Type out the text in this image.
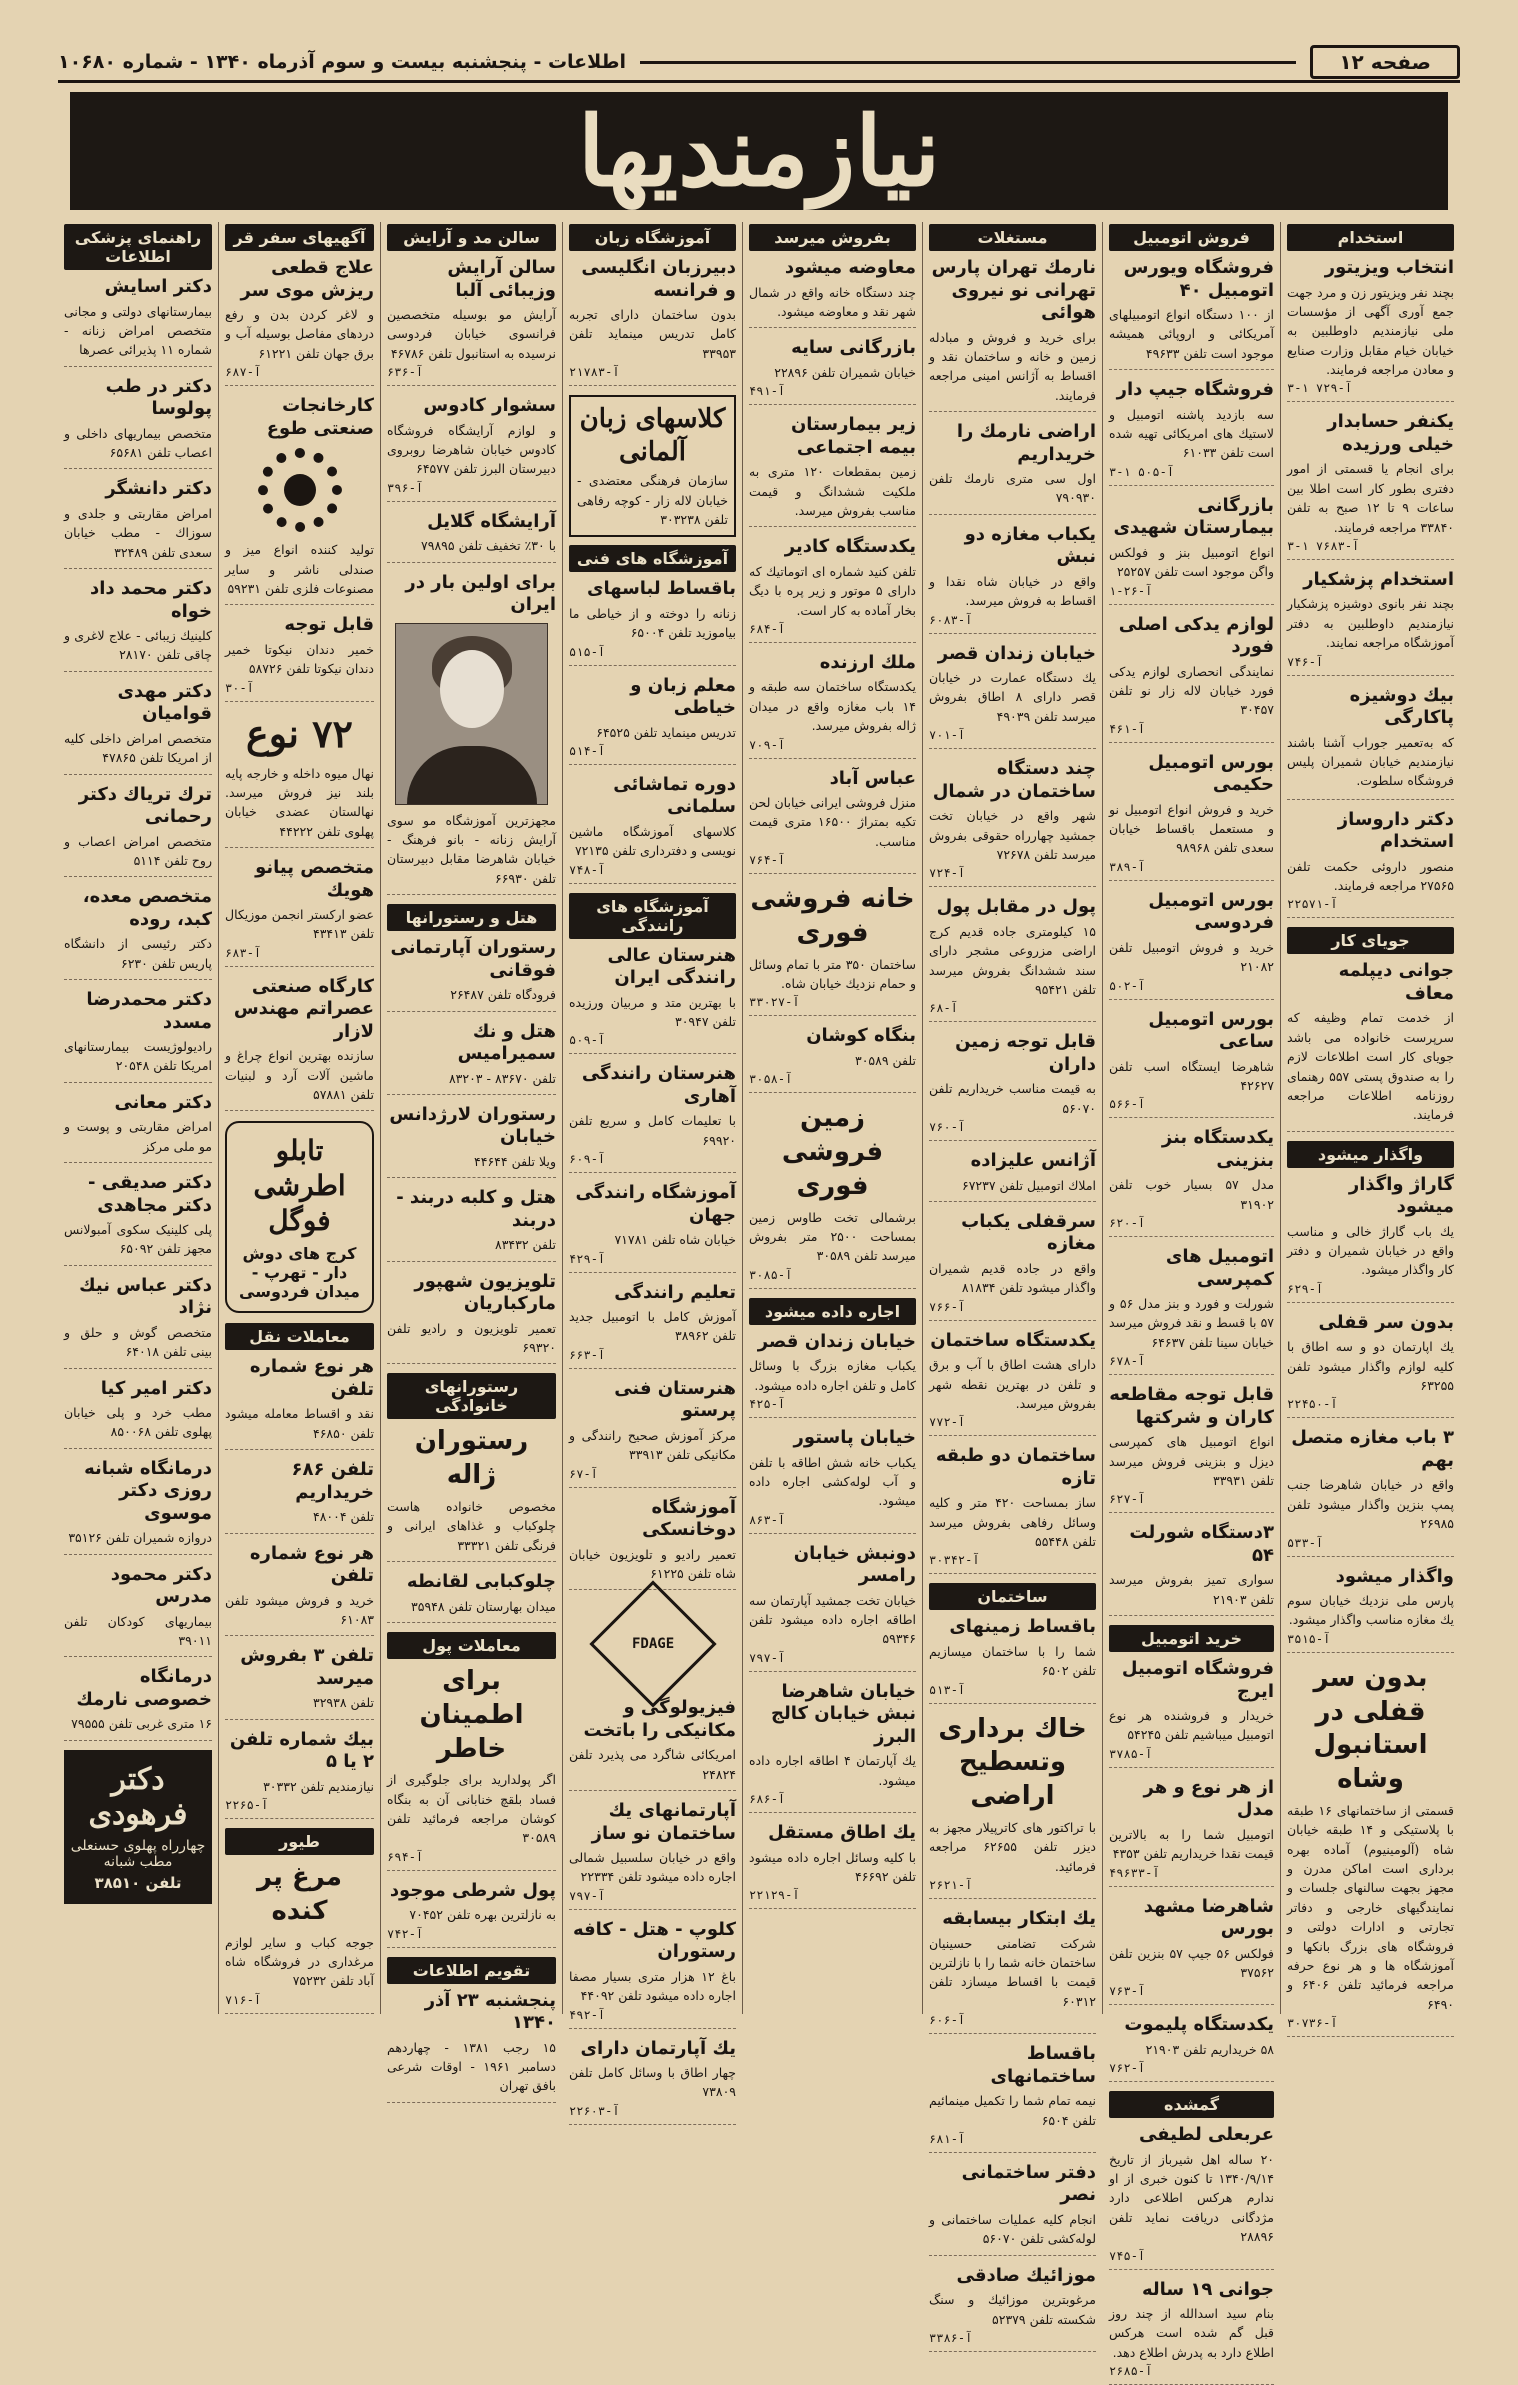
صفحه ۱۲
اطلاعات - پنجشنبه بیست و سوم آذرماه ۱۳۴۰ - شماره ۱۰۶۸۰
نیازمندیها
استخدام
انتخاب ویزیتور
بچند نفر ویزیتور زن و مرد جهت جمع آوری آگهی از مؤسسات ملی نیازمندیم داوطلبین به خیابان خیام مقابل وزارت صنایع و معادن مراجعه فرمایند.
۳-۱ آ-۷۲۹
یکنفر حسابدار خیلی ورزیده
برای انجام یا قسمتی از امور دفتری بطور کار است اطلا بین ساعات ۹ تا ۱۲ صبح به تلفن ۳۳۸۴۰ مراجعه فرمایند.
۳-۱ آ-۷۶۸۳
استخدام پزشکیار
بچند نفر بانوی دوشیزه پزشکیار نیازمندیم داوطلبین به دفتر آموزشگاه مراجعه نمایند.
آ-۷۴۶
بیك دوشیزه پاکارگی
که به‌تعمیر جوراب آشنا باشند نیازمندیم خیابان شمیران پلیس فروشگاه سلطوت.
دکتر داروساز استخدام
منصور داروئی حکمت تلفن ۲۷۵۶۵ مراجعه فرمایند.
آ-۲۲۵۷۱
جویای کار
جوانی دیپلمه معاف
از خدمت تمام وظیفه که سرپرست خانواده می باشد جویای کار است اطلاعات لازم را به صندوق پستی ۵۵۷ رهنمای روزنامه اطلاعات مراجعه فرمایند.
واگذار میشود
گاراژ واگذار میشود
یك باب گاراژ خالی و مناسب واقع در خیابان شمیران و دفتر کار واگذار میشود.
آ-۶۲۹
بدون سر قفلی
یك اپارتمان دو و سه اطاق با کلیه لوازم واگذار میشود تلفن ۶۳۲۵۵
آ-۲۲۴۵۰
۳ باب مغازه متصل بهم
واقع در خیابان شاهرضا جنب پمپ بنزین واگذار میشود تلفن ۲۶۹۸۵
آ-۵۳۳
واگذار میشود
پارس ملی نزدیك خیابان سوم یك مغازه مناسب واگذار میشود.
آ-۳۵۱۵
بدون سر قفلی در استانبول وشاه
قسمتی از ساختمانهای ۱۶ طبقه با پلاستیکی و ۱۴ طبقه خیابان شاه (آلومینیوم) آماده بهره برداری است اماکن مدرن و مجهز بجهت سالنهای جلسات و نمایندگیهای خارجی و دفاتر تجارتی و ادارات دولتی و فروشگاه های بزرگ بانکها و آموزشگاه ها و هر نوع حرفه مراجعه فرمائید تلفن ۶۴۰۶ و ۶۴۹۰
آ-۳۰۷۳۶
فروش اتومبیل
فروشگاه ویورس اتومبیل ۴۰
از ۱۰۰ دستگاه انواع اتومبیلهای آمریکائی و اروپائی همیشه موجود است تلفن ۴۹۶۳۳
فروشگاه جیپ دار
سه بازدید پاشنه اتومبیل و لاستیك های امریکائی تهیه شده است تلفن ۶۱۰۳۳
۳-۱ آ-۵۰۵
بازرگانی بیمارستان شهیدی
انواع اتومبیل بنز و فولکس واگن موجود است تلفن ۲۵۲۵۷
آ-۲۶-۱
لوازم یدکی اصلی فورد
نمایندگی انحصاری لوازم یدکی فورد خیابان لاله زار نو تلفن ۳۰۴۵۷
آ-۴۶۱
بورس اتومبیل حکیمی
خرید و فروش انواع اتومبیل نو و مستعمل باقساط خیابان سعدی تلفن ۹۸۹۶۸
آ-۳۸۹
بورس اتومبیل فردوسی
خرید و فروش اتومبیل تلفن ۲۱۰۸۲
آ-۵۰۲
بورس اتومبیل ساعی
شاهرضا ایستگاه اسب تلفن ۴۲۶۲۷
آ-۵۶۶
یکدستگاه بنز بنزینی
مدل ۵۷ بسیار خوب تلفن ۳۱۹۰۲
آ-۶۲۰
اتومبیل های کمپرسی
شورلت و فورد و بنز مدل ۵۶ و ۵۷ با قسط و نقد فروش میرسد خیابان سینا تلفن ۶۴۶۳۷
آ-۶۷۸
قابل توجه مقاطعه کاران و شرکتها
انواع اتومبیل های کمپرسی دیزل و بنزینی فروش میرسد تلفن ۳۳۹۳۱
آ-۶۲۷
۳دستگاه شورلت ۵۴
سواری تمیز بفروش میرسد تلفن ۲۱۹۰۳
خرید اتومبیل
فروشگاه اتومبیل ایرج
خریدار و فروشنده هر نوع اتومبیل میباشیم تلفن ۵۴۲۴۵
آ-۳۷۸۵
از هر نوع و هر مدل
اتومبیل شما را به بالاترین قیمت نقدا خریداریم تلفن ۴۳۵۳
آ-۴۹۶۳۳
شاهرضا مشهد بورس
فولکس ۵۶ جیپ ۵۷ بنزین تلفن ۳۷۵۶۲
آ-۷۶۳
یکدستگاه پلیموت
۵۸ خریداریم تلفن ۲۱۹۰۳
آ-۷۶۲
گمشده
عربعلی لطیفی
۲۰ ساله اهل شیرباز از تاریخ ۱۳۴۰/۹/۱۴ تا کنون خبری از او ندارم هرکس اطلاعی دارد مژدگانی دریافت نماید تلفن ۲۸۸۹۶
آ-۷۴۵
جوانی ۱۹ ساله
بنام سید اسدالله از چند روز قبل گم شده است هرکس اطلاع دارد به پدرش اطلاع دهد.
آ-۲۶۸۵
مستغلات
نارمك تهران پارس تهرانی نو نیروی هوائی
برای خرید و فروش و مبادله زمین و خانه و ساختمان نقد و اقساط به آژانس امینی مراجعه فرمایند.
اراضی نارمك را خریداریم
اول سی متری نارمك تلفن ۷۹۰۹۳۰
یکباب مغازه دو نبش
واقع در خیابان شاه نقدا و اقساط به فروش میرسد.
آ-۶۰۸۳
خیابان زندان قصر
یك دستگاه عمارت در خیابان قصر دارای ۸ اطاق بفروش میرسد تلفن ۴۹۰۳۹
آ-۷۰۱
چند دستگاه ساختمان در شمال
شهر واقع در خیابان تخت جمشید چهارراه حقوقی بفروش میرسد تلفن ۷۲۶۷۸
آ-۷۲۴
پول در مقابل پول
۱۵ کیلومتری جاده قدیم کرج اراضی مزروعی مشجر دارای سند ششدانگ بفروش میرسد تلفن ۹۵۴۲۱
آ-۶۸
قابل توجه زمین داران
به قیمت مناسب خریداریم تلفن ۵۶۰۷۰
آ-۷۶۰
آژانس علیزاده
املاك اتومبیل تلفن ۶۷۲۳۷
سرقفلی یکباب مغازه
واقع در جاده قدیم شمیران واگذار میشود تلفن ۸۱۸۳۴
آ-۷۶۶
یکدستگاه ساختمان
دارای هشت اطاق با آب و برق و تلفن در بهترین نقطه شهر بفروش میرسد.
آ-۷۷۲
ساختمان دو طبقه تازه
ساز بمساحت ۴۲۰ متر و کلیه وسائل رفاهی بفروش میرسد تلفن ۵۵۴۴۸
آ-۳۰۳۴۲
ساختمان
باقساط زمینهای
شما را با ساختمان میسازیم تلفن ۶۵۰۲
آ-۵۱۳
خاك برداری وتسطیح اراضی
با تراکتور های کاترپیلار مجهز به دیزر تلفن ۶۲۶۵۵ مراجعه فرمائید.
آ-۲۶۲۱
یك ابتکار بیسابقه
شرکت تضامنی حسینیان ساختمان خانه شما را با نازلترین قیمت با اقساط میسازد تلفن ۶۰۳۱۲
آ-۶۰۶
باقساط ساختمانهای
نیمه تمام شما را تکمیل مینمائیم تلفن ۶۵۰۴
آ-۶۸۱
دفتر ساختمانی نصر
انجام کلیه عملیات ساختمانی و لوله‌کشی تلفن ۵۶۰۷۰
موزائیك صادقی
مرغوبترین موزائیك و سنگ شکسته تلفن ۵۲۳۷۹
آ-۳۳۸۶
بفروش میرسد
معاوضه میشود
چند دستگاه خانه واقع در شمال شهر نقد و معاوضه میشود.
بازرگانی سایه
خیابان شمیران تلفن ۲۲۸۹۶
آ-۴۹۱
زیر بیمارستان بیمه اجتماعی
زمین بمقطعات ۱۲۰ متری به ملکیت ششدانگ و قیمت مناسب بفروش میرسد.
یکدستگاه کادیر
تلفن کنید شماره ای اتوماتیك که دارای ۵ موتور و زیر پره با دیگ بخار آماده به کار است.
آ-۶۸۴
ملك ارزنده
یکدستگاه ساختمان سه طبقه و ۱۴ باب مغازه واقع در میدان ژاله بفروش میرسد.
آ-۷۰۹
عباس آباد
منزل فروشی ایرانی خیابان لحن تکیه بمتراژ ۱۶۵۰۰ متری قیمت مناسب.
آ-۷۶۴
خانه فروشی فوری
ساختمان ۳۵۰ متر با تمام وسائل و حمام نزدیك خیابان شاه.
آ-۳۳۰۲۷
بنگاه کوشان
تلفن ۳۰۵۸۹
آ-۳۰۵۸
زمین فروشی فوری
برشمالی تخت طاوس زمین بمساحت ۲۵۰۰ متر بفروش میرسد تلفن ۳۰۵۸۹
آ-۳۰۸۵
اجاره داده میشود
خیابان زندان قصر
یکباب مغازه بزرگ با وسائل کامل و تلفن اجاره داده میشود.
آ-۴۲۵
خیابان پاستور
یکباب خانه شش اطاقه با تلفن و آب لوله‌کشی اجاره داده میشود.
آ-۸۶۳
دونبش خیابان رامسر
خیابان تخت جمشید آپارتمان سه اطاقه اجاره داده میشود تلفن ۵۹۳۴۶
آ-۷۹۷
خیابان شاهرضا نبش خیابان کالج البرز
یك آپارتمان ۴ اطاقه اجاره داده میشود.
آ-۶۸۶
یك اطاق مستقل
با کلیه وسائل اجاره داده میشود تلفن ۴۶۶۹۲
آ-۲۲۱۲۹
آموزشگاه زبان
دبیرزبان انگلیسی و فرانسه
بدون ساختمان دارای تجربه کامل تدریس مینماید تلفن ۳۳۹۵۳
آ-۲۱۷۸۳
کلاسهای زبان آلمانی
سازمان فرهنگی معتضدی - خیابان لاله زار - کوچه رفاهی تلفن ۳۰۳۲۳۸
آموزشگاه های فنی
باقساط لباسهای
زنانه را دوخته و از خیاطی ما بیاموزید تلفن ۶۵۰۰۴
آ-۵۱۵
معلم زبان و خیاطی
تدریس مینماید تلفن ۶۴۵۲۵
آ-۵۱۴
دوره تماشائی سلمانی
کلاسهای آموزشگاه ماشین نویسی و دفترداری تلفن ۷۲۱۳۵
آ-۷۴۸
آموزشگاه های رانندگی
هنرستان عالی رانندگی ایران
با بهترین متد و مربیان ورزیده تلفن ۳۰۹۴۷
آ-۵۰۹
هنرستان رانندگی آهاری
با تعلیمات کامل و سریع تلفن ۶۹۹۲۰
آ-۶۰۹
آموزشگاه رانندگی جهان
خیابان شاه تلفن ۷۱۷۸۱
آ-۴۲۹
تعلیم رانندگی
آموزش کامل با اتومبیل جدید تلفن ۳۸۹۶۲
آ-۶۶۳
هنرستان فنی پرستو
مرکز آموزش صحیح رانندگی و مکانیکی تلفن ۳۳۹۱۳
آ-۶۷
آموزشگاه دوخانسکی
تعمیر رادیو و تلویزیون خیابان شاه تلفن ۶۱۲۲۵
FDAGE
فیزیولوگی و مکانیکی را باتخت
امریکائی شاگرد می پذیرد تلفن ۲۴۸۲۴
آپارتمانهای یك ساختمان نو ساز
واقع در خیابان سلسبیل شمالی اجاره داده میشود تلفن ۲۲۳۳۴
آ-۷۹۷
کلوپ - هتل - کافه رستوران
باغ ۱۲ هزار متری بسیار مصفا اجاره داده میشود تلفن ۴۴۰۹۲
آ-۴۹۲
یك آپارتمان دارای
چهار اطاق با وسائل کامل تلفن ۷۳۸۰۹
آ-۲۲۶۰۳
سالن مد و آرایش
سالن آرایش وزیبائی آلبا
آرایش مو بوسیله متخصصین فرانسوی خیابان فردوسی نرسیده به استانبول تلفن ۴۶۷۸۶
آ-۶۳۶
سشوار کادوس
و لوازم آرایشگاه فروشگاه کادوس خیابان شاهرضا روبروی دبیرستان البرز تلفن ۶۴۵۷۷
آ-۳۹۶
آرایشگاه گلایل
با ۳۰٪ تخفیف تلفن ۷۹۸۹۵
برای اولین بار در ایران
مجهزترین آموزشگاه مو سوی آرایش زنانه - بانو فرهنگ - خیابان شاهرضا مقابل دبیرستان تلفن ۶۶۹۳۰
هتل و رستورانها
رستوران آپارتمانی فوقانی
فرودگاه تلفن ۲۶۴۸۷
هتل و نك سمیرامیس
تلفن ۸۳۶۷۰ - ۸۳۲۰۳
رستوران لارژدانس خیابان
ویلا تلفن ۴۴۶۴۴
هتل و کلبه دربند - دربند
تلفن ۸۳۴۳۲
تلویزیون شهپور مارکباریان
تعمیر تلویزیون و رادیو تلفن ۶۹۳۲۰
رستورانهای خانوادگی
رستوران ژاله
مخصوص خانواده هاست چلوکباب و غذاهای ایرانی و فرنگی تلفن ۳۳۳۲۱
چلوکبابی لقانطه
میدان بهارستان تلفن ۳۵۹۴۸
معاملات پول
برای اطمینان خاطر
اگر پولدارید برای جلوگیری از فساد بلقچ خنابانی آن به بنگاه کوشان مراجعه فرمائید تلفن ۳۰۵۸۹
آ-۶۹۴
پول شرطی موجود
به نازلترین بهره تلفن ۷۰۴۵۲
آ-۷۴۲
تقویم اطلاعات
پنجشنبه ۲۳ آذر ۱۳۴۰
۱۵ رجب ۱۳۸۱ - چهاردهم دسامبر ۱۹۶۱ - اوقات شرعی بافق تهران
آگهیهای سفر قر
علاج قطعی ریزش موی سر
و لاغر کردن بدن و رفع دردهای مفاصل بوسیله آب و برق جهان تلفن ۶۱۲۲۱
آ-۶۸۷
کارخانجات صنعتی طوع
تولید کننده انواع میز و صندلی ناشر و سایر مصنوعات فلزی تلفن ۵۹۲۳۱
قابل توجه
خمیر دندان نیکوتا خمیر دندان نیکوتا تلفن ۵۸۷۲۶
آ-۳۰
۷۲ نوع
نهال میوه داخله و خارجه پایه بلند نیز فروش میرسد. نهالستان عضدی خیابان پهلوی تلفن ۴۴۲۲۲
متخصص پیانو هویك
عضو ارکستر انجمن موزیکال تلفن ۴۳۴۱۳
آ-۶۸۳
کارگاه صنعتی عصراتم مهندس لازار
سازنده بهترین انواع چراغ و ماشین آلات آرد و لبنیات تلفن ۵۷۸۸۱
تابلو اطرشی فوگل
کرج های دوش دار - تهرپ - میدان فردوسی
معاملات نقل
هر نوع شماره تلفن
نقد و اقساط معامله میشود تلفن ۴۶۸۵۰
تلفن ۶۸۶ خریداریم
تلفن ۴۸۰۰۴
هر نوع شماره تلفن
خرید و فروش میشود تلفن ۶۱۰۸۳
تلفن ۳ بفروش میرسد
تلفن ۳۲۹۳۸
بیك شماره تلفن ۲ یا ۵
نیازمندیم تلفن ۳۰۳۳۲
آ-۲۲۶۵
طیور
مرغ پر کنده
جوجه کباب و سایر لوازم مرغداری در فروشگاه شاه آباد تلفن ۷۵۲۳۲
آ-۷۱۶
راهنمای پزشکی اطلاعات
دکتر اسایش
بیمارستانهای دولتی و مجانی متخصص امراض زنانه - شماره ۱۱ پذیرائی عصرها
دکتر در طب پولوسا
متخصص بیماریهای داخلی و اعصاب تلفن ۶۵۶۸۱
دکتر دانشگر
امراض مقاربتی و جلدی و سوزاك - مطب خیابان سعدی تلفن ۳۲۴۸۹
دکتر محمد داد خواه
کلینیك زیبائی - علاج لاغری و چاقی تلفن ۲۸۱۷۰
دکتر مهدی قوامیان
متخصص امراض داخلی کلیه از امریکا تلفن ۴۷۸۶۵
ترك تریاك دکتر رحمانی
متخصص امراض اعصاب و روح تلفن ۵۱۱۴
متخصص معده، کبد، روده
دکتر رئیسی از دانشگاه پاریس تلفن ۶۲۳۰
دکتر محمدرضا مسدد
رادیولوژیست بیمارستانهای امریکا تلفن ۲۰۵۴۸
دکتر معانی
امراض مقاربتی و پوست و مو ملی مرکز
دکتر صدیقی - دکتر مجاهدی
پلی کلینیک سکوی آمبولانس مجهز تلفن ۶۵۰۹۲
دکتر عباس نیك نژاد
متخصص گوش و حلق و بینی تلفن ۶۴۰۱۸
دکتر امیر کیا
مطب خرد و پلی خیابان پهلوی تلفن ۸۵۰۰۶۸
درمانگاه شبانه روزی دکتر موسوی
دروازه شمیران تلفن ۳۵۱۲۶
دکتر محمود مدرس
بیماریهای کودکان تلفن ۳۹۰۱۱
درمانگاه خصوصی نارمك
۱۶ متری غربی تلفن ۷۹۵۵۵
دکتر فرهودی
چهارراه پهلوی حسنعلی مطب شبانه
تلفن ۳۸۵۱۰
